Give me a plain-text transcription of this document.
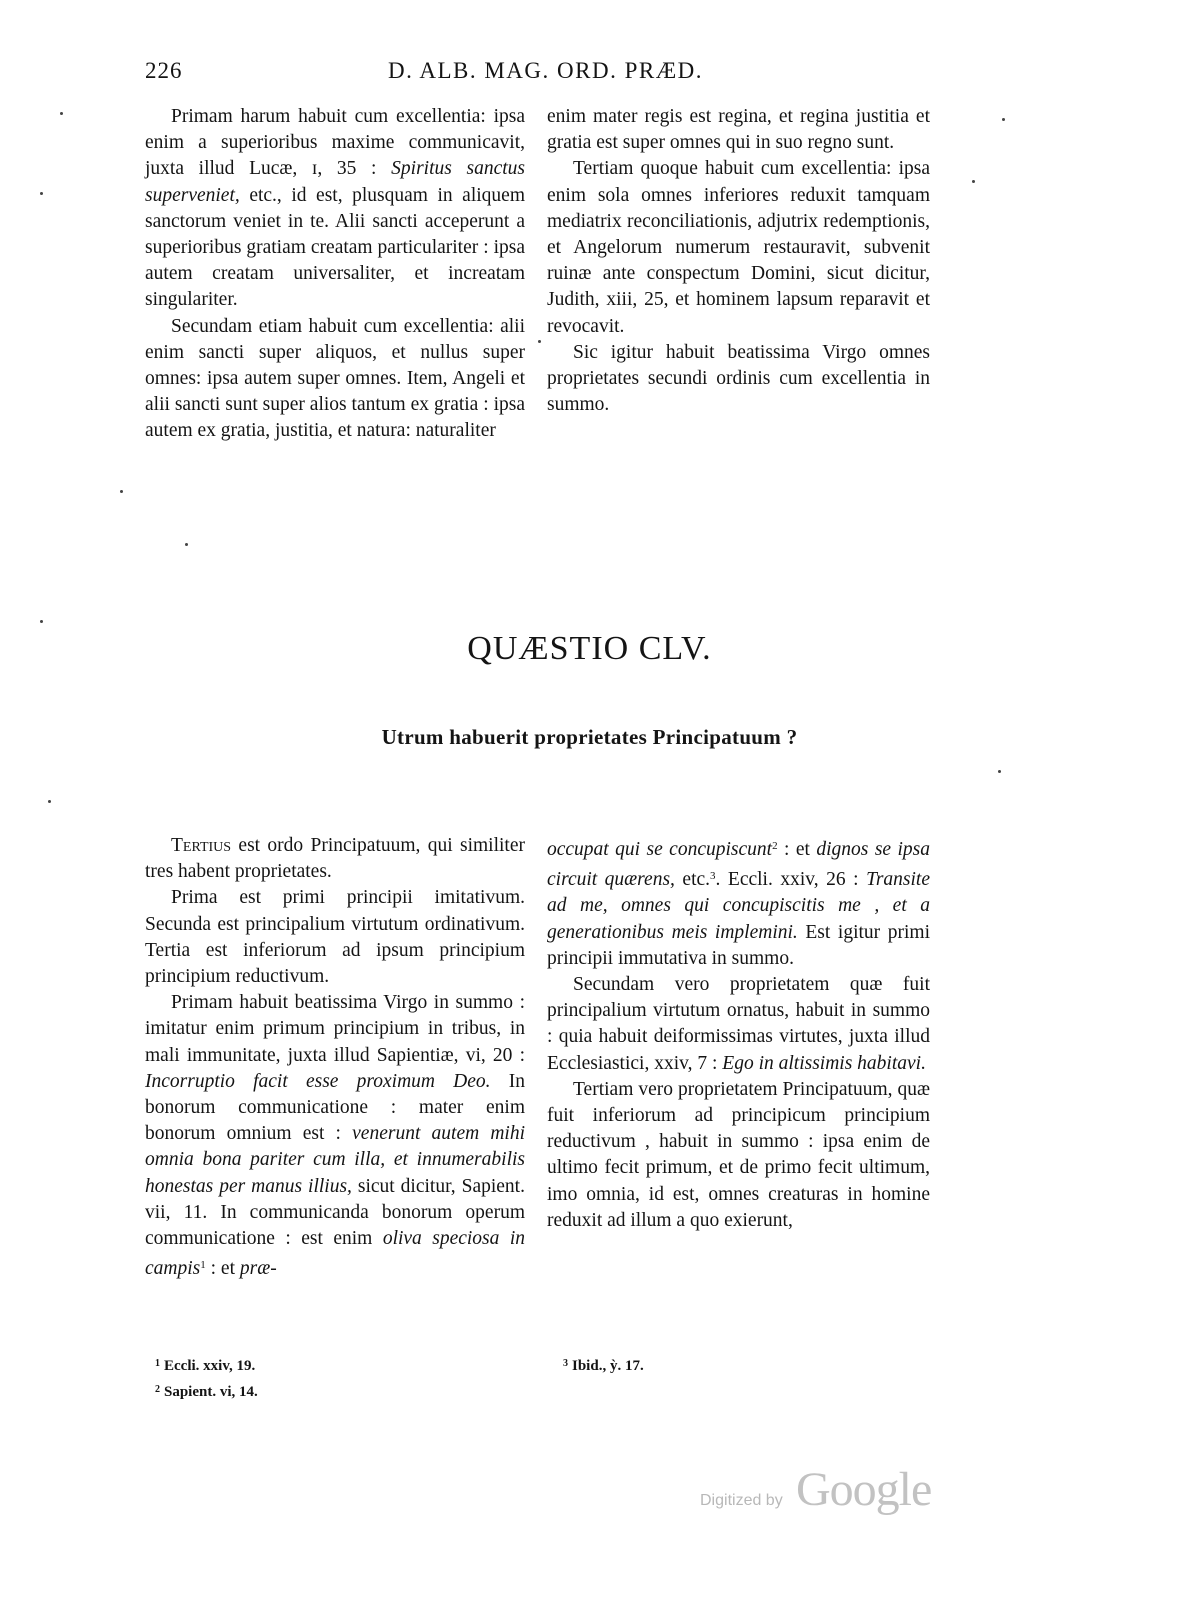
226	D. ALB. MAG. ORD. PRÆD.

Primam harum habuit cum excellentia: ipsa enim a superioribus maxime communicavit, juxta illud Lucæ, ɪ, 35 : Spiritus sanctus superveniet, etc., id est, plusquam in aliquem sanctorum veniet in te. Alii sancti acceperunt a superioribus gratiam creatam particulariter : ipsa autem creatam universaliter, et increatam singulariter.

Secundam etiam habuit cum excellentia: alii enim sancti super aliquos, et nullus super omnes: ipsa autem super omnes. Item, Angeli et alii sancti sunt super alios tantum ex gratia : ipsa autem ex gratia, justitia, et natura: naturaliter

enim mater regis est regina, et regina justitia et gratia est super omnes qui in suo regno sunt.

Tertiam quoque habuit cum excellentia: ipsa enim sola omnes inferiores reduxit tamquam mediatrix reconciliationis, adjutrix redemptionis, et Angelorum numerum restauravit, subvenit ruinæ ante conspectum Domini, sicut dicitur, Judith, xiii, 25, et hominem lapsum reparavit et revocavit.

Sic igitur habuit beatissima Virgo omnes proprietates secundi ordinis cum excellentia in summo.

QUÆSTIO CLV.
Utrum habuerit proprietates Principatuum ?

Tertius est ordo Principatuum, qui similiter tres habent proprietates.

Prima est primi principii imitativum. Secunda est principalium virtutum ordinativum. Tertia est inferiorum ad ipsum principium principium reductivum.

Primam habuit beatissima Virgo in summo : imitatur enim primum principium in tribus, in mali immunitate, juxta illud Sapientiæ, vi, 20 : Incorruptio facit esse proximum Deo. In bonorum communicatione : mater enim bonorum omnium est : venerunt autem mihi omnia bona pariter cum illa, et innumerabilis honestas per manus illius, sicut dicitur, Sapient. vii, 11. In communicanda bonorum operum communicatione : est enim oliva speciosa in campis$^1$ : et præ-

occupat qui se concupiscunt$^2$ : et dignos se ipsa circuit quærens, etc.$^3$. Eccli. xxiv, 26 : Transite ad me, omnes qui concupiscitis me , et a generationibus meis implemini. Est igitur primi principii immutativa in summo.

Secundam vero proprietatem quæ fuit principalium virtutum ornatus, habuit in summo : quia habuit deiformissimas virtutes, juxta illud Ecclesiastici, xxiv, 7 : Ego in altissimis habitavi.

Tertiam vero proprietatem Principatuum, quæ fuit inferiorum ad principicum principium reductivum , habuit in summo : ipsa enim de ultimo fecit primum, et de primo fecit ultimum, imo omnia, id est, omnes creaturas in homine reduxit ad illum a quo exierunt,

$^1$ Eccli. xxiv, 19.
$^2$ Sapient. vi, 14.
$^3$ Ibid., ỳ. 17.
Digitized by Google
